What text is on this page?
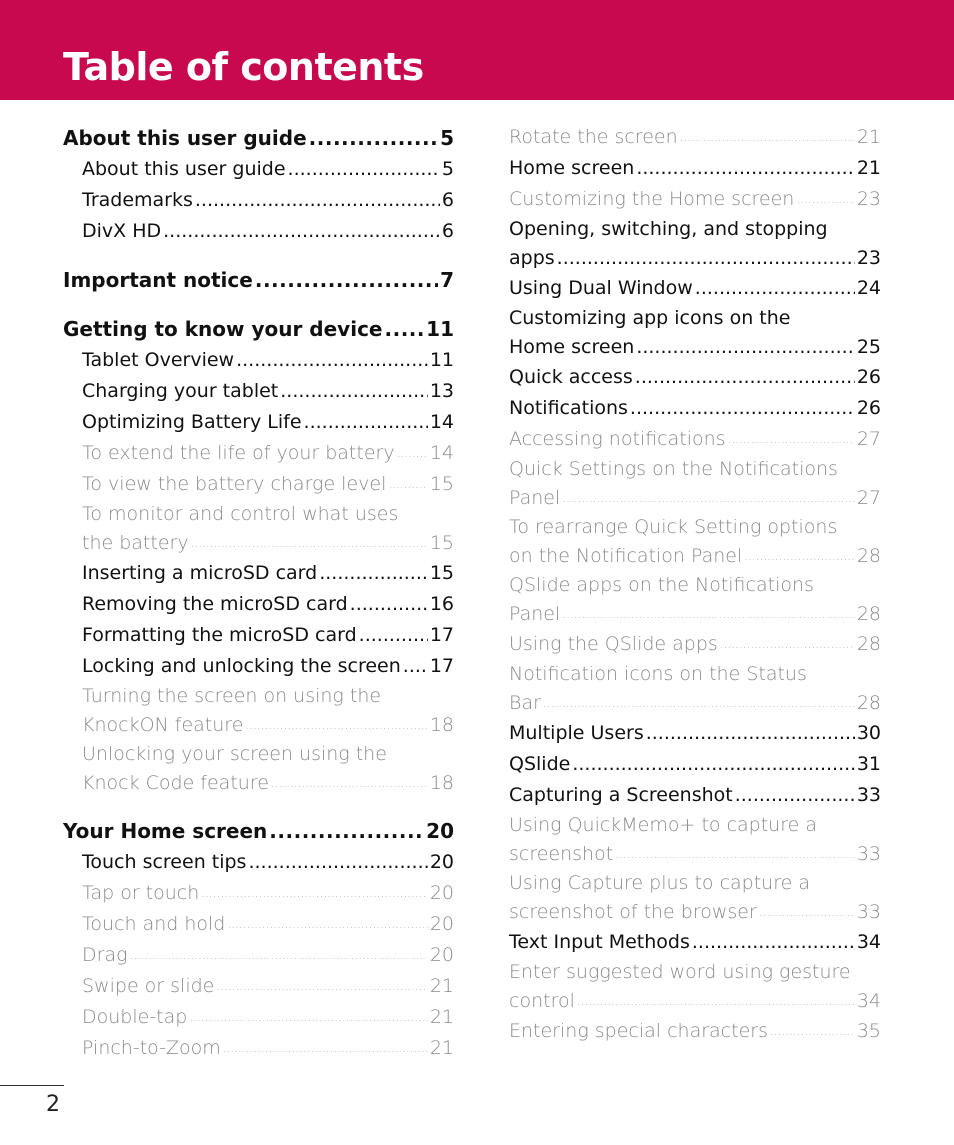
Table of contents
About this user guide .....	5
About this user guide .....	5
Trademarks .....	6
DivX HD .....	6
Important notice .....	7
Getting to know your device ..... 11
Tablet Overview .....	11
Charging your tablet .....	13
Optimizing Battery Life .....	14
To extend the life of your battery ..... 14
To view the battery charge level ..... 15
To monitor and control what uses
the battery .....	15
Inserting a microSD card .....	15
Removing the microSD card .....	16
Formatting the microSD card .....	17
Locking and unlocking the screen ..... 17
Turning the screen on using the
KnockON feature .....	18
Unlocking your screen using the
Knock Code feature .....	18
Your Home screen .....	20
Touch screen tips .....	20
Tap or touch .....	20
Touch and hold .....	20
Drag .....	20
Swipe or slide .....	21
Double-tap .....	21
Pinch-to-Zoom .....	21
Rotate the screen .....	21
Home screen .....	21
Customizing the Home screen .....	23
Opening, switching, and stopping
apps .....	23
Using Dual Window .....	24
Customizing app icons on the
Home screen .....	25
Quick access .....	26
Notifications .....	26
Accessing notifications .....	27
Quick Settings on the Notifications
Panel .....	27
To rearrange Quick Setting options
on the Notification Panel .....	28
QSlide apps on the Notifications
Panel .....	28
Using the QSlide apps .....	28
Notification icons on the Status
Bar .....	28
Multiple Users .....	30
QSlide .....	31
Capturing a Screenshot .....	33
Using QuickMemo+ to capture a
screenshot .....	33
Using Capture plus to capture a
screenshot of the browser .....	33
Text Input Methods .....	34
Enter suggested word using gesture
control .....	34
Entering special characters .....	35
2
